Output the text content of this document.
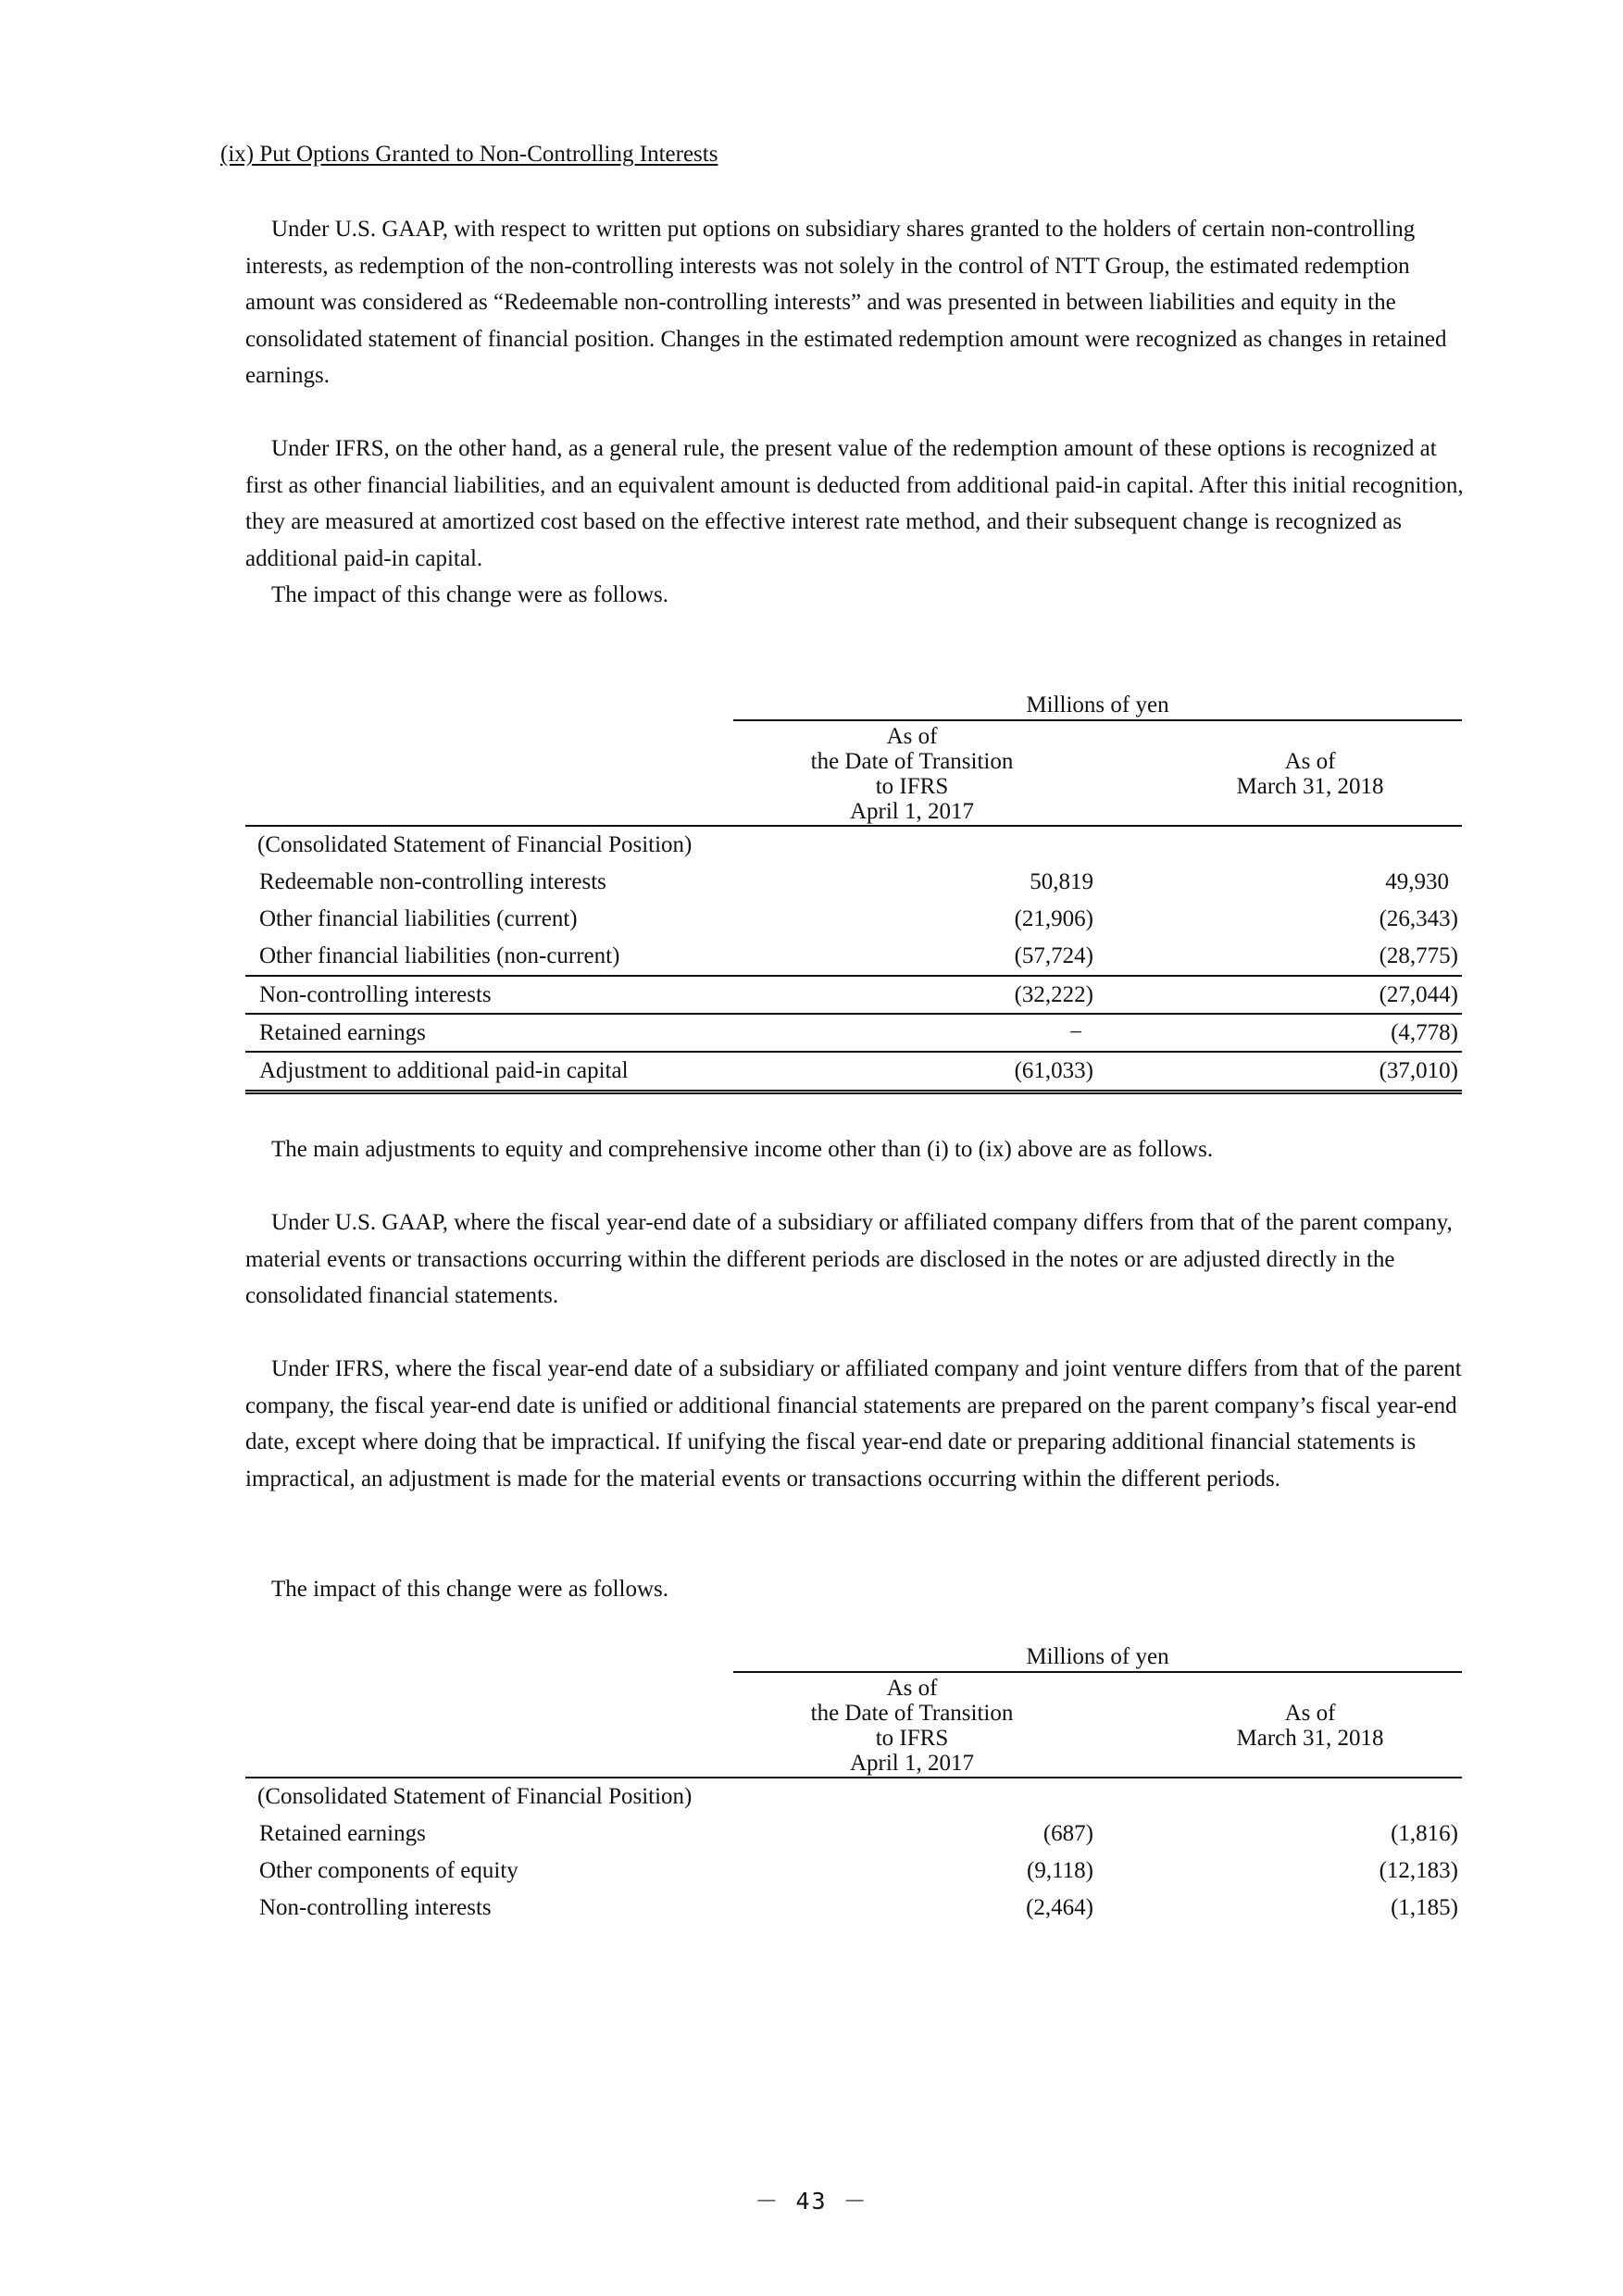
(ix) Put Options Granted to Non-Controlling Interests

Under U.S. GAAP, with respect to written put options on subsidiary shares granted to the holders of certain non-controlling interests, as redemption of the non-controlling interests was not solely in the control of NTT Group, the estimated redemption amount was considered as “Redeemable non-controlling interests” and was presented in between liabilities and equity in the consolidated statement of financial position. Changes in the estimated redemption amount were recognized as changes in retained earnings.

Under IFRS, on the other hand, as a general rule, the present value of the redemption amount of these options is recognized at first as other financial liabilities, and an equivalent amount is deducted from additional paid-in capital. After this initial recognition, they are measured at amortized cost based on the effective interest rate method, and their subsequent change is recognized as additional paid-in capital.

The impact of this change were as follows.

Millions of yen
As of
the Date of Transition
to IFRS
April 1, 2017
As of
March 31, 2018
(Consolidated Statement of Financial Position)
Redeemable non-controlling interests	50,819	49,930
Other financial liabilities (current)	(21,906)	(26,343)
Other financial liabilities (non-current)	(57,724)	(28,775)
Non-controlling interests	(32,222)	(27,044)
Retained earnings	−	(4,778)
Adjustment to additional paid-in capital	(61,033)	(37,010)

The main adjustments to equity and comprehensive income other than (i) to (ix) above are as follows.

Under U.S. GAAP, where the fiscal year-end date of a subsidiary or affiliated company differs from that of the parent company, material events or transactions occurring within the different periods are disclosed in the notes or are adjusted directly in the consolidated financial statements.

Under IFRS, where the fiscal year-end date of a subsidiary or affiliated company and joint venture differs from that of the parent company, the fiscal year-end date is unified or additional financial statements are prepared on the parent company’s fiscal year-end date, except where doing that be impractical. If unifying the fiscal year-end date or preparing additional financial statements is impractical, an adjustment is made for the material events or transactions occurring within the different periods.

The impact of this change were as follows.

Millions of yen
As of
the Date of Transition
to IFRS
April 1, 2017
As of
March 31, 2018
(Consolidated Statement of Financial Position)
Retained earnings	(687)	(1,816)
Other components of equity	(9,118)	(12,183)
Non-controlling interests	(2,464)	(1,185)
－ 43 －
